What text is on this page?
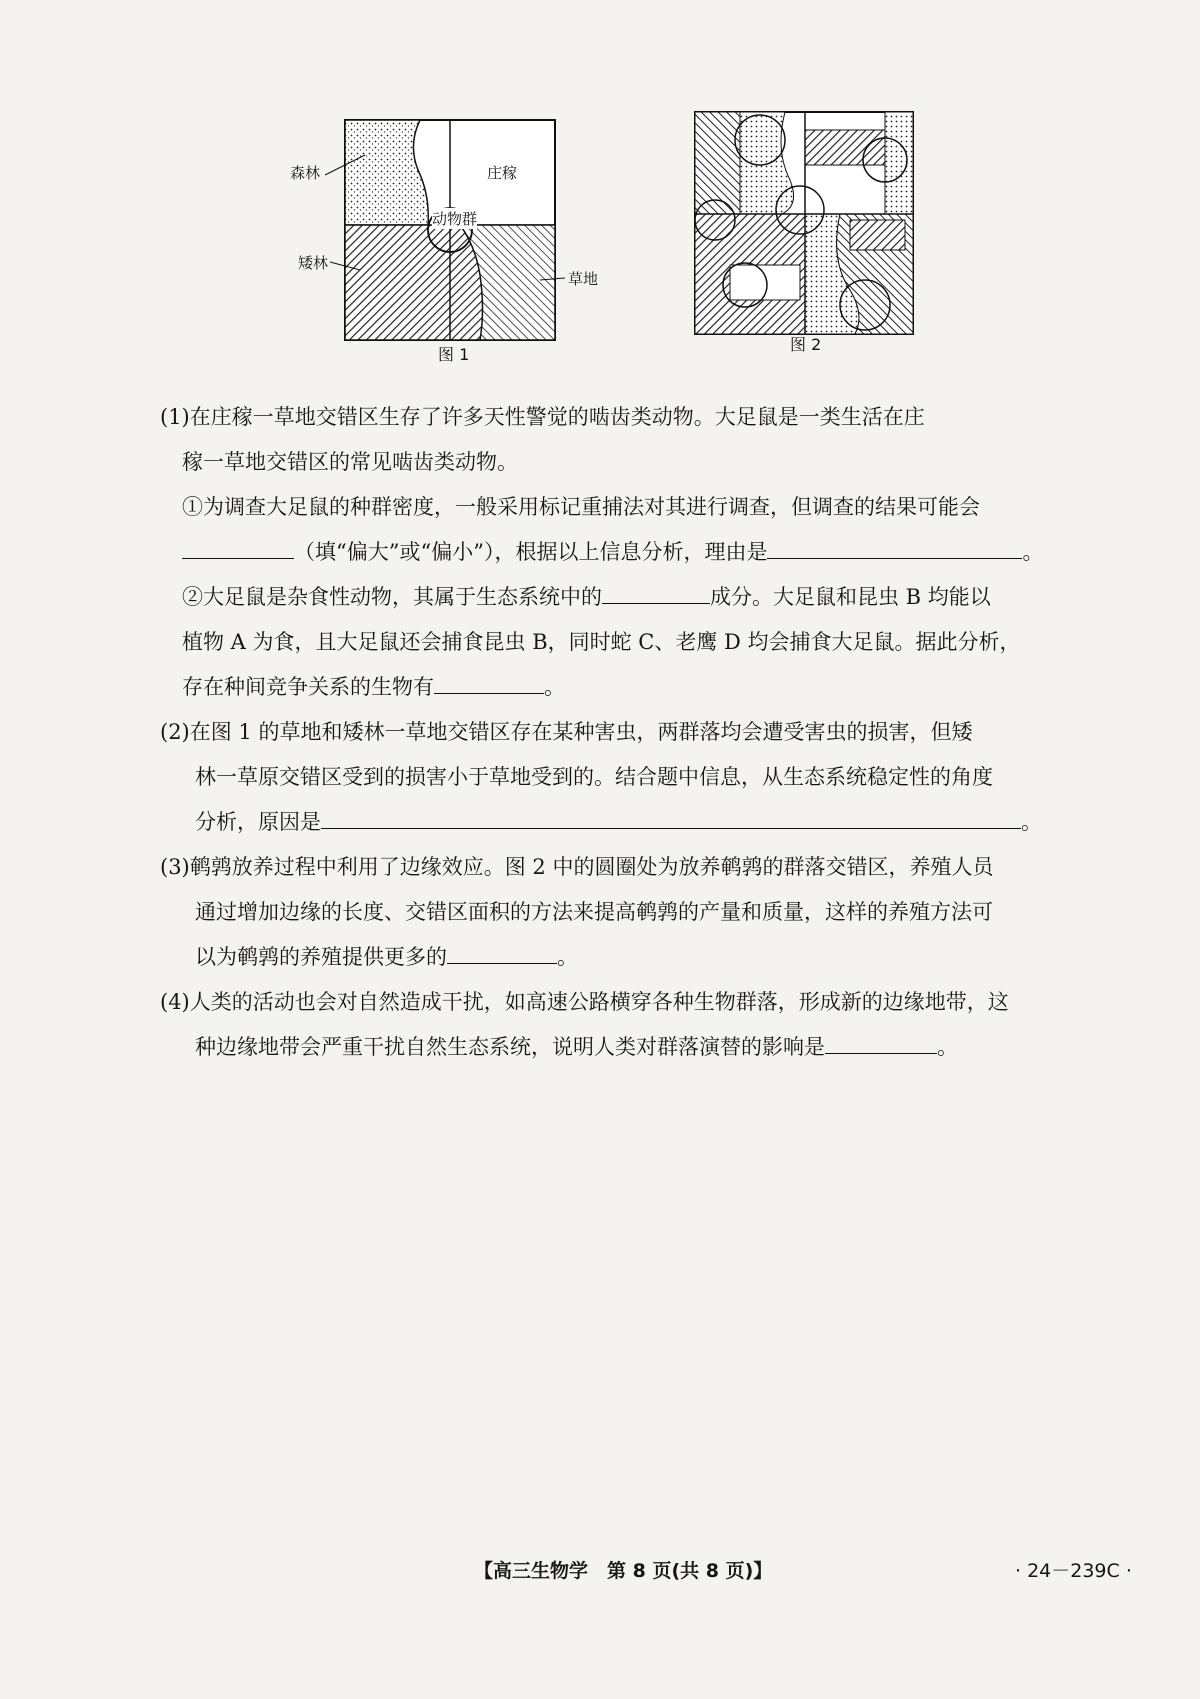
森林	庄稼
动物群
矮林
草地
图 1
图 2

(1)在庄稼一草地交错区生存了许多天性警觉的啮齿类动物。大足鼠是一类生活在庄

稼一草地交错区的常见啮齿类动物。

①为调查大足鼠的种群密度，一般采用标记重捕法对其进行调查，但调查的结果可能会

（填“偏大”或“偏小”），根据以上信息分析，理由是	。

②大足鼠是杂食性动物，其属于生态系统中的	成分。大足鼠和昆虫 B 均能以

植物 A 为食，且大足鼠还会捕食昆虫 B，同时蛇 C、老鹰 D 均会捕食大足鼠。据此分析，

存在种间竞争关系的生物有	。

(2)在图 1 的草地和矮林一草地交错区存在某种害虫，两群落均会遭受害虫的损害，但矮

林一草原交错区受到的损害小于草地受到的。结合题中信息，从生态系统稳定性的角度

分析，原因是	。

(3)鹌鹑放养过程中利用了边缘效应。图 2 中的圆圈处为放养鹌鹑的群落交错区，养殖人员

通过增加边缘的长度、交错区面积的方法来提高鹌鹑的产量和质量，这样的养殖方法可

以为鹌鹑的养殖提供更多的	。

(4)人类的活动也会对自然造成干扰，如高速公路横穿各种生物群落，形成新的边缘地带，这

种边缘地带会严重干扰自然生态系统，说明人类对群落演替的影响是	。

【高三生物学　第 8 页(共 8 页)】	· 24－239C ·
